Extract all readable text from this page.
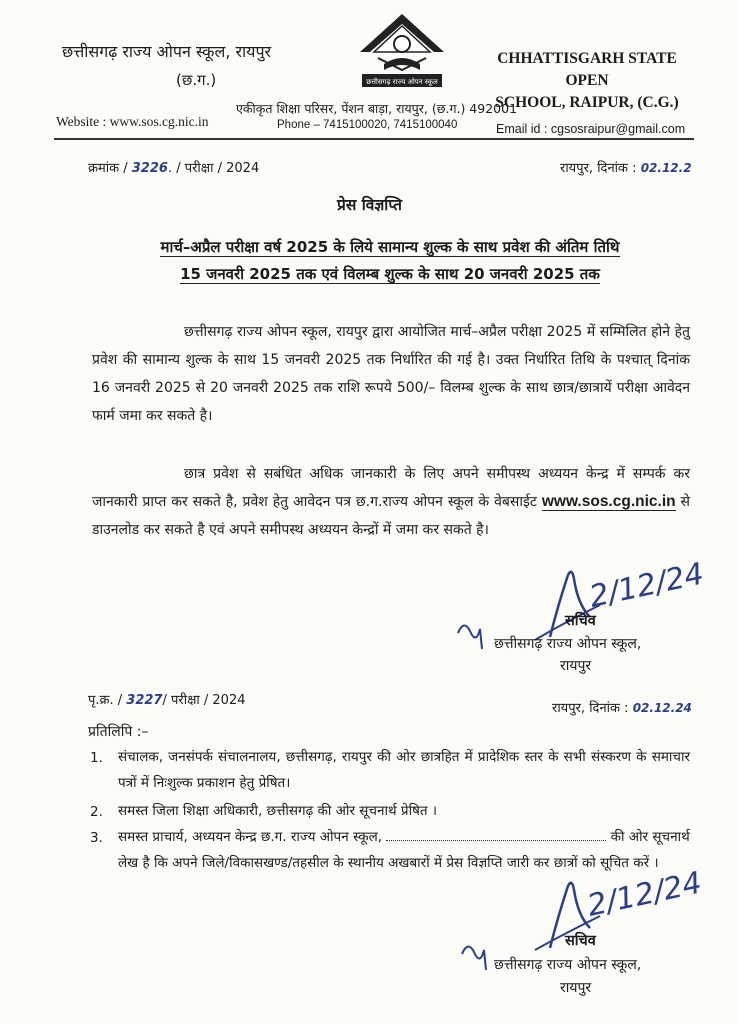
छत्तीसगढ़ राज्य ओपन स्कूल, रायपुर
(छ.ग.)	छत्तीसगढ़ राज्य ओपन स्कूल
CHHATTISGARH STATE OPEN
SCHOOL, RAIPUR, (C.G.)
एकीकृत शिक्षा परिसर, पेंशन बाड़ा, रायपुर, (छ.ग.) 492001
Website : www.sos.cg.nic.in	Phone – 7415100020, 7415100040	Email id : cgsosraipur@gmail.com
क्रमांक / 3226. / परीक्षा / 2024	रायपुर, दिनांक : 02.12.2
प्रेस विज्ञप्ति
मार्च–अप्रैल परीक्षा वर्ष 2025 के लिये सामान्य शुल्क के साथ प्रवेश की अंतिम तिथि
15 जनवरी 2025 तक एवं विलम्ब शुल्क के साथ 20 जनवरी 2025 तक
छत्तीसगढ़ राज्य ओपन स्कूल, रायपुर द्वारा आयोजित मार्च–अप्रैल परीक्षा 2025 में सम्मिलित होने हेतु प्रवेश की सामान्य शुल्क के साथ 15 जनवरी 2025 तक निर्धारित की गई है। उक्त निर्धारित तिथि के पश्चात् दिनांक 16 जनवरी 2025 से 20 जनवरी 2025 तक राशि रूपये 500/– विलम्ब शुल्क के साथ छात्र/छात्रायें परीक्षा आवेदन फार्म जमा कर सकते है।
छात्र प्रवेश से सबंधित अधिक जानकारी के लिए अपने समीपस्थ अध्ययन केन्द्र में सम्पर्क कर जानकारी प्राप्त कर सकते है, प्रवेश हेतु आवेदन पत्र छ.ग.राज्य ओपन स्कूल के वेबसाईट www.sos.cg.nic.in से डाउनलोड कर सकते है एवं अपने समीपस्थ अध्ययन केन्द्रों में जमा कर सकते है।
2/12/24
सचिव
छत्तीसगढ़ राज्य ओपन स्कूल,
रायपुर
पृ.क्र. / 3227/ परीक्षा / 2024
रायपुर, दिनांक : 02.12.24
प्रतिलिपि :–
1. संचालक, जनसंपर्क संचालनालय, छत्तीसगढ़, रायपुर की ओर छात्रहित में प्रादेशिक स्तर के सभी संस्करण के समाचार पत्रों में निःशुल्क प्रकाशन हेतु प्रेषित।
2. समस्त जिला शिक्षा अधिकारी, छत्तीसगढ़ की ओर सूचनार्थ प्रेषित ।
3. समस्त प्राचार्य, अध्ययन केन्द्र छ.ग. राज्य ओपन स्कूल,	की ओर सूचनार्थ लेख है कि अपने जिले/विकासखण्ड/तहसील के स्थानीय अखबारों में प्रेस विज्ञप्ति जारी कर छात्रों को सूचित करें ।
2/12/24
सचिव
छत्तीसगढ़ राज्य ओपन स्कूल,
रायपुर
